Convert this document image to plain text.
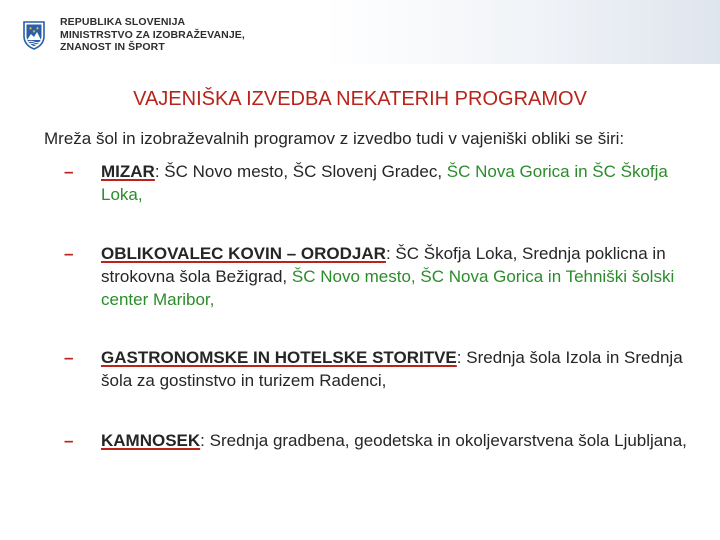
REPUBLIKA SLOVENIJA
MINISTRSTVO ZA IZOBRAŽEVANJE,
ZNANOST IN ŠPORT
VAJENIŠKA IZVEDBA NEKATERIH PROGRAMOV
Mreža šol in izobraževalnih programov z izvedbo tudi v vajeniški obliki se širi:
– MIZAR: ŠC Novo mesto, ŠC Slovenj Gradec, ŠC Nova Gorica in ŠC Škofja Loka,
– OBLIKOVALEC KOVIN – ORODJAR: ŠC Škofja Loka, Srednja poklicna in strokovna šola Bežigrad, ŠC Novo mesto, ŠC Nova Gorica in Tehniški šolski center Maribor,
– GASTRONOMSKE IN HOTELSKE STORITVE: Srednja šola Izola in Srednja šola za gostinstvo in turizem Radenci,
– KAMNOSEK: Srednja gradbena, geodetska in okoljevarstvena šola Ljubljana,
